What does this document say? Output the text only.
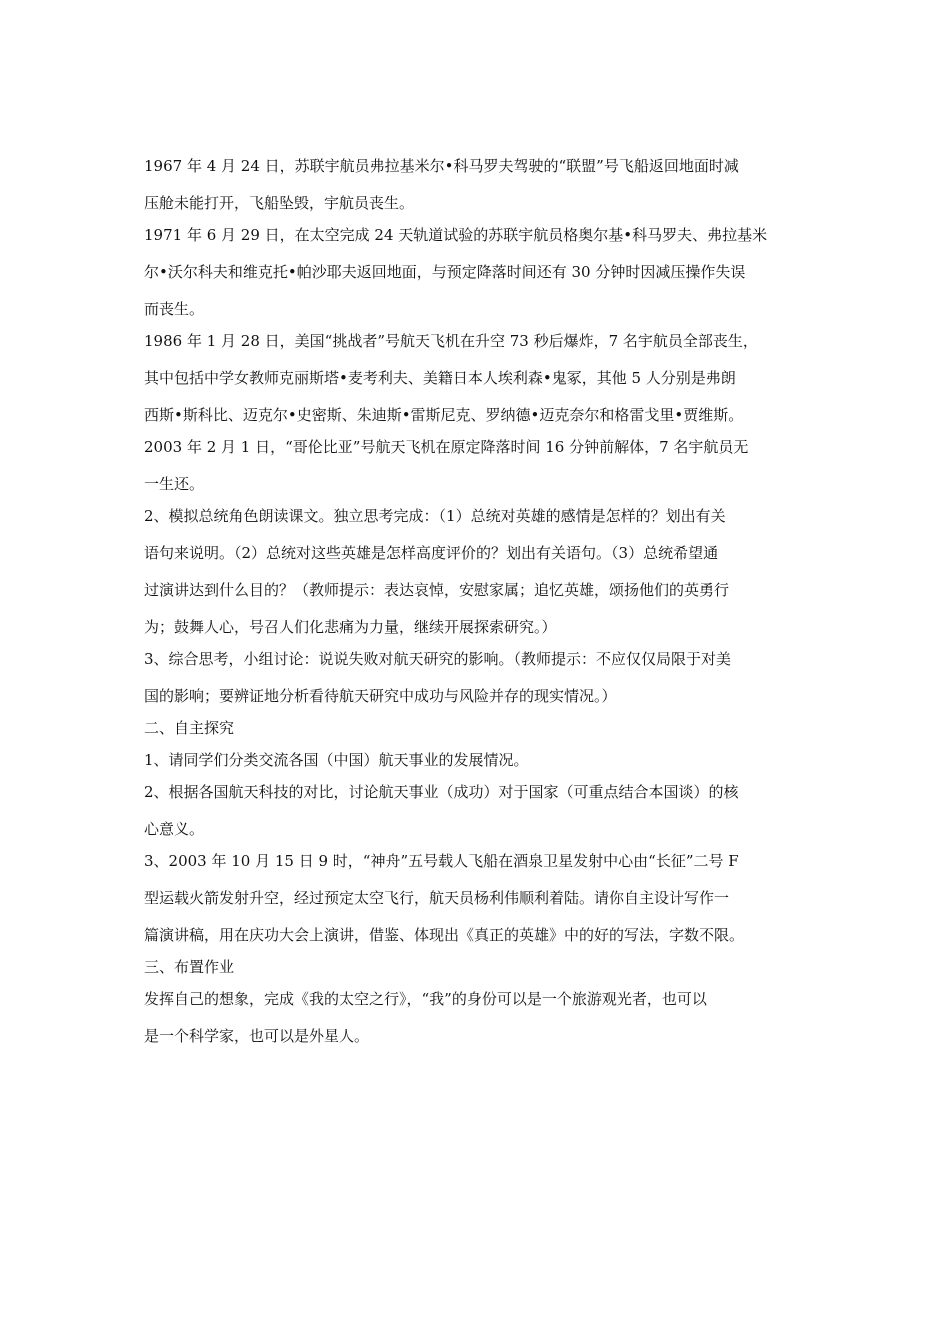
1967 年 4 月 24 日，苏联宇航员弗拉基米尔•科马罗夫驾驶的“联盟”号飞船返回地面时减
压舱未能打开，飞船坠毁，宇航员丧生。
1971 年 6 月 29 日，在太空完成 24 天轨道试验的苏联宇航员格奥尔基•科马罗夫、弗拉基米
尔•沃尔科夫和维克托•帕沙耶夫返回地面，与预定降落时间还有 30 分钟时因减压操作失误
而丧生。
1986 年 1 月 28 日，美国“挑战者”号航天飞机在升空 73 秒后爆炸，7 名宇航员全部丧生，
其中包括中学女教师克丽斯塔•麦考利夫、美籍日本人埃利森•鬼冢，其他 5 人分别是弗朗
西斯•斯科比、迈克尔•史密斯、朱迪斯•雷斯尼克、罗纳德•迈克奈尔和格雷戈里•贾维斯。
2003 年 2 月 1 日，“哥伦比亚”号航天飞机在原定降落时间 16 分钟前解体，7 名宇航员无
一生还。
2、模拟总统角色朗读课文。独立思考完成：（1）总统对英雄的感情是怎样的？划出有关
语句来说明。（2）总统对这些英雄是怎样高度评价的？划出有关语句。（3）总统希望通
过演讲达到什么目的？（教师提示：表达哀悼，安慰家属；追忆英雄，颂扬他们的英勇行
为；鼓舞人心，号召人们化悲痛为力量，继续开展探索研究。）
3、综合思考，小组讨论：说说失败对航天研究的影响。（教师提示：不应仅仅局限于对美
国的影响；要辨证地分析看待航天研究中成功与风险并存的现实情况。）
二、自主探究
1、请同学们分类交流各国（中国）航天事业的发展情况。
2、根据各国航天科技的对比，讨论航天事业（成功）对于国家（可重点结合本国谈）的核
心意义。
3、2003 年 10 月 15 日 9 时，“神舟”五号载人飞船在酒泉卫星发射中心由“长征”二号 F
型运载火箭发射升空，经过预定太空飞行，航天员杨利伟顺利着陆。请你自主设计写作一
篇演讲稿，用在庆功大会上演讲，借鉴、体现出《真正的英雄》中的好的写法，字数不限。
三、布置作业
发挥自己的想象，完成《我的太空之行》，“我”的身份可以是一个旅游观光者，也可以
是一个科学家，也可以是外星人。
